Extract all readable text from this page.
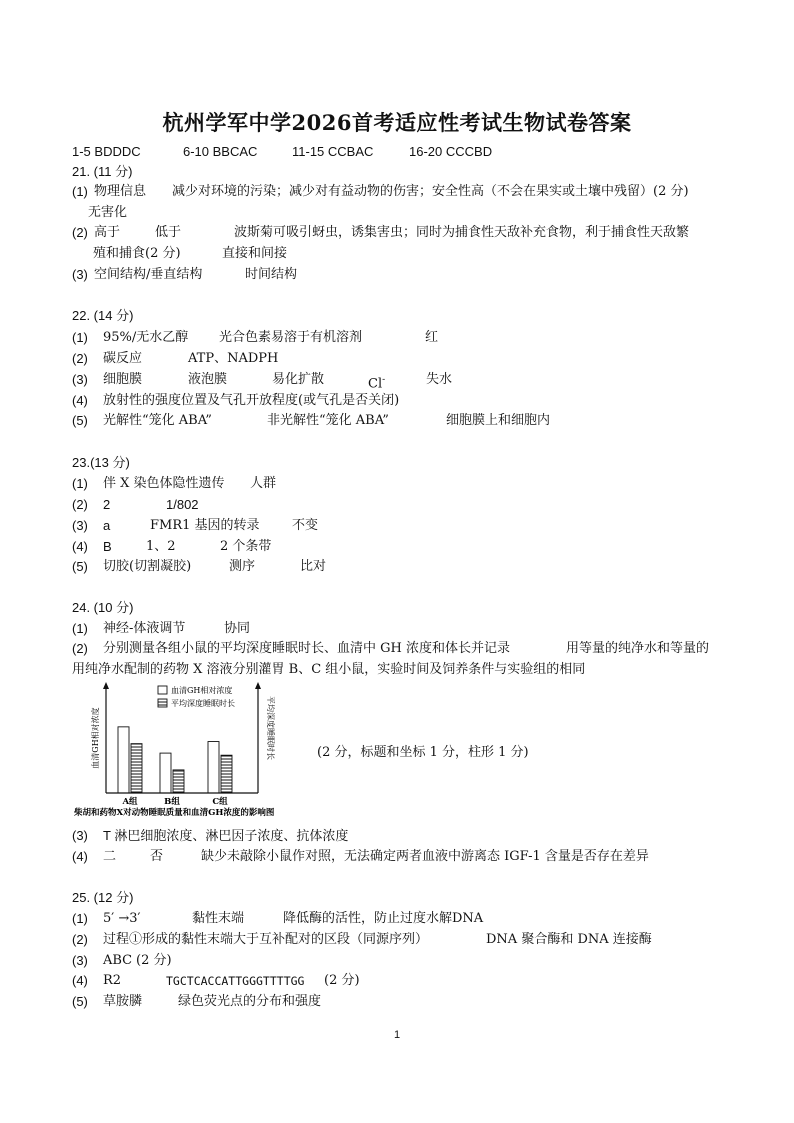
杭州学军中学2026首考适应性考试生物试卷答案
1-5 BDDDC	6-10 BBCAC	11-15 CCBAC	16-20 CCCBD
21. (11 分)
(1) 物理信息 减少对环境的污染；减少对有益动物的伤害；安全性高（不会在果实或土壤中残留）(2 分)
无害化
(2) 高于	低于	波斯菊可吸引蚜虫，诱集害虫；同时为捕食性天敌补充食物，利于捕食性天敌繁
殖和捕食(2 分)	直接和间接
(3) 空间结构/垂直结构	时间结构
22. (14 分)
(1) 95%/无水乙醇 光合色素易溶于有机溶剂	红
(2) 碳反应	ATP、NADPH
(3) 细胞膜	液泡膜	易化扩散	Cl-	失水
(4) 放射性的强度位置及气孔开放程度(或气孔是否关闭)
(5) 光解性“笼化 ABA”	非光解性“笼化 ABA”	细胞膜上和细胞内
23.(13 分)
(1) 伴 X 染色体隐性遗传 人群
(2) 2	1/802
(3) a	FMR1 基因的转录 不变
(4) B	1、2	2 个条带
(5) 切胶(切割凝胶)	测序	比对
24. (10 分)
(1) 神经-体液调节	协同
(2) 分别测量各组小鼠的平均深度睡眠时长、血清中 GH 浓度和体长并记录	用等量的纯净水和等量的
用纯净水配制的药物 X 溶液分别灌胃 B、C 组小鼠，实验时间及饲养条件与实验组的相同
血清GH相对浓度	平均深度睡眠时长
血清GH相对浓度
平均深度睡眠时长
A组	B组	C组
柴胡和药物X对动物睡眠质量和血清GH浓度的影响图
(2 分，标题和坐标 1 分，柱形 1 分)
(3) T 淋巴细胞浓度、淋巴因子浓度、抗体浓度
(4) 二	否	缺少未敲除小鼠作对照，无法确定两者血液中游离态 IGF-1 含量是否存在差异
25. (12 分)
(1) 5′ →3′	黏性末端	降低酶的活性，防止过度水解DNA
(2) 过程①形成的黏性末端大于互补配对的区段（同源序列）	DNA 聚合酶和 DNA 连接酶
(3) ABC (2 分)
(4) R2	TGCTCACCATTGGGTTTTGG (2 分)
(5) 草胺膦	绿色荧光点的分布和强度
1
